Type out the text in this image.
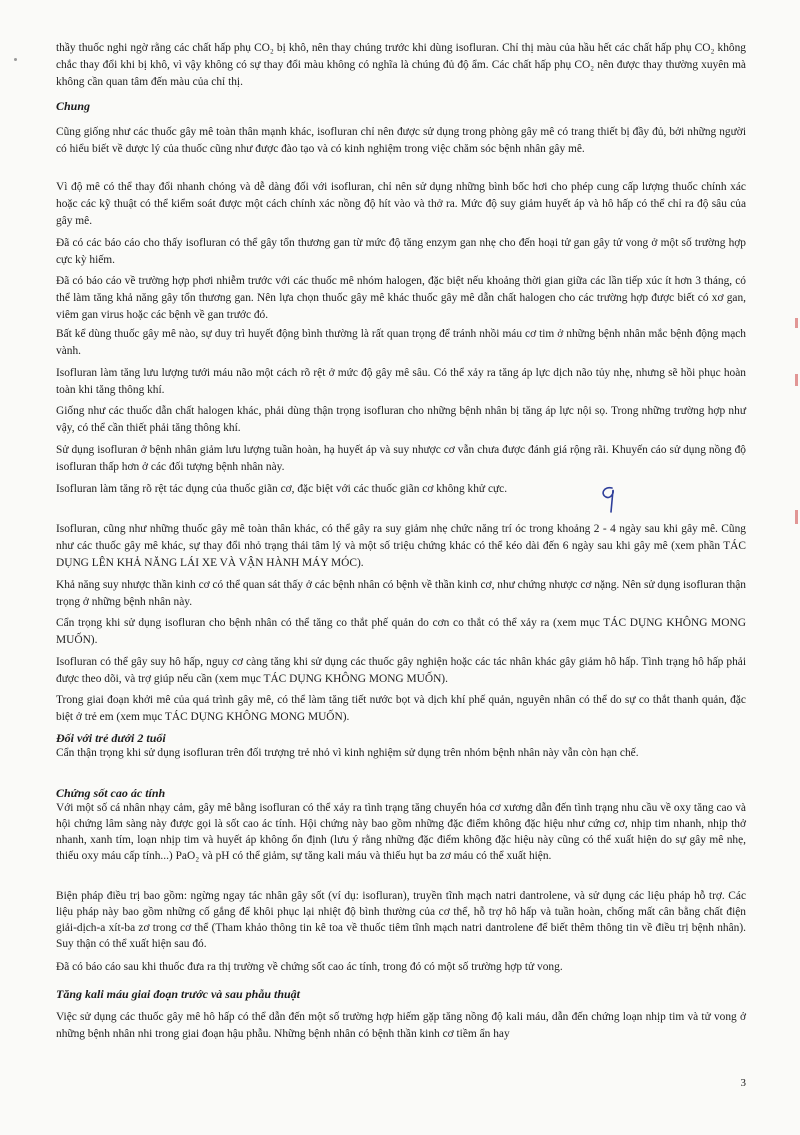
thầy thuốc nghi ngờ rằng các chất hấp phụ CO₂ bị khô, nên thay chúng trước khi dùng isofluran. Chỉ thị màu của hầu hết các chất hấp phụ CO₂ không chắc thay đổi khi bị khô, vì vậy không có sự thay đổi màu không có nghĩa là chúng đủ độ ẩm. Các chất hấp phụ CO₂ nên được thay thường xuyên mà không cần quan tâm đến màu của chỉ thị.

Chung

Cũng giống như các thuốc gây mê toàn thân mạnh khác, isofluran chỉ nên được sử dụng trong phòng gây mê có trang thiết bị đầy đủ, bởi những người có hiểu biết về dược lý của thuốc cũng như được đào tạo và có kinh nghiệm trong việc chăm sóc bệnh nhân gây mê.

Vì độ mê có thể thay đổi nhanh chóng và dễ dàng đối với isofluran, chỉ nên sử dụng những bình bốc hơi cho phép cung cấp lượng thuốc chính xác hoặc các kỹ thuật có thể kiểm soát được một cách chính xác nồng độ hít vào và thở ra. Mức độ suy giảm huyết áp và hô hấp có thể chỉ ra độ sâu của gây mê.

Đã có các báo cáo cho thấy isofluran có thể gây tổn thương gan từ mức độ tăng enzym gan nhẹ cho đến hoại tử gan gây tử vong ở một số trường hợp cực kỳ hiếm.

Đã có báo cáo về trường hợp phơi nhiễm trước với các thuốc mê nhóm halogen, đặc biệt nếu khoảng thời gian giữa các lần tiếp xúc ít hơn 3 tháng, có thể làm tăng khả năng gây tổn thương gan. Nên lựa chọn thuốc gây mê khác thuốc gây mê dẫn chất halogen cho các trường hợp được biết có xơ gan, viêm gan virus hoặc các bệnh về gan trước đó.

Bất kể dùng thuốc gây mê nào, sự duy trì huyết động bình thường là rất quan trọng để tránh nhồi máu cơ tim ở những bệnh nhân mắc bệnh động mạch vành.

Isofluran làm tăng lưu lượng tưới máu não một cách rõ rệt ở mức độ gây mê sâu. Có thể xảy ra tăng áp lực dịch não tủy nhẹ, nhưng sẽ hồi phục hoàn toàn khi tăng thông khí.

Giống như các thuốc dẫn chất halogen khác, phải dùng thận trọng isofluran cho những bệnh nhân bị tăng áp lực nội sọ. Trong những trường hợp như vậy, có thể cần thiết phải tăng thông khí.

Sử dụng isofluran ở bệnh nhân giảm lưu lượng tuần hoàn, hạ huyết áp và suy nhược cơ vẫn chưa được đánh giá rộng rãi. Khuyến cáo sử dụng nồng độ isofluran thấp hơn ở các đối tượng bệnh nhân này.

Isofluran làm tăng rõ rệt tác dụng của thuốc giãn cơ, đặc biệt với các thuốc giãn cơ không khử cực.

Isofluran, cũng như những thuốc gây mê toàn thân khác, có thể gây ra suy giảm nhẹ chức năng trí óc trong khoảng 2 - 4 ngày sau khi gây mê. Cũng như các thuốc gây mê khác, sự thay đổi nhỏ trạng thái tâm lý và một số triệu chứng khác có thể kéo dài đến 6 ngày sau khi gây mê (xem phần TÁC DỤNG LÊN KHẢ NĂNG LÁI XE VÀ VẬN HÀNH MÁY MÓC).

Khả năng suy nhược thần kinh cơ có thể quan sát thấy ở các bệnh nhân có bệnh về thần kinh cơ, như chứng nhược cơ nặng. Nên sử dụng isofluran thận trọng ở những bệnh nhân này.

Cẩn trọng khi sử dụng isofluran cho bệnh nhân có thể tăng co thắt phế quản do cơn co thắt có thể xảy ra (xem mục TÁC DỤNG KHÔNG MONG MUỐN).

Isofluran có thể gây suy hô hấp, nguy cơ càng tăng khi sử dụng các thuốc gây nghiện hoặc các tác nhân khác gây giảm hô hấp. Tình trạng hô hấp phải được theo dõi, và trợ giúp nếu cần (xem mục TÁC DỤNG KHÔNG MONG MUỐN).

Trong giai đoạn khởi mê của quá trình gây mê, có thể làm tăng tiết nước bọt và dịch khí phế quản, nguyên nhân có thể do sự co thắt thanh quản, đặc biệt ở trẻ em (xem mục TÁC DỤNG KHÔNG MONG MUỐN).

Đối với trẻ dưới 2 tuổi

Cẩn thận trọng khi sử dụng isofluran trên đối trượng trẻ nhỏ vì kinh nghiệm sử dụng trên nhóm bệnh nhân này vẫn còn hạn chế.

Chứng sốt cao ác tính

Với một số cá nhân nhạy cảm, gây mê bằng isofluran có thể xảy ra tình trạng tăng chuyển hóa cơ xương dẫn đến tình trạng nhu cầu về oxy tăng cao và hội chứng lâm sàng này được gọi là sốt cao ác tính. Hội chứng này bao gồm những đặc điểm không đặc hiệu như cứng cơ, nhịp tim nhanh, nhịp thở nhanh, xanh tím, loạn nhịp tim và huyết áp không ổn định (lưu ý rằng những đặc điểm không đặc hiệu này cũng có thể xuất hiện do sự gây mê nhẹ, thiếu oxy máu cấp tính...) PaO₂ và pH có thể giảm, sự tăng kali máu và thiếu hụt ba zơ máu có thể xuất hiện.

Biện pháp điều trị bao gồm: ngừng ngay tác nhân gây sốt (ví dụ: isofluran), truyền tĩnh mạch natri dantrolene, và sử dụng các liệu pháp hỗ trợ. Các liệu pháp này bao gồm những cố gắng để khôi phục lại nhiệt độ bình thường của cơ thể, hỗ trợ hô hấp và tuần hoàn, chống mất cân bằng chất điện giải-dịch-a xít-ba zơ trong cơ thể (Tham khảo thông tin kê toa về thuốc tiêm tĩnh mạch natri dantrolene để biết thêm thông tin về điều trị bệnh nhân). Suy thận có thể xuất hiện sau đó.

Đã có báo cáo sau khi thuốc đưa ra thị trường về chứng sốt cao ác tính, trong đó có một số trường hợp tử vong.

Tăng kali máu giai đoạn trước và sau phẫu thuật

Việc sử dụng các thuốc gây mê hô hấp có thể dẫn đến một số trường hợp hiếm gặp tăng nồng độ kali máu, dẫn đến chứng loạn nhịp tim và tử vong ở những bệnh nhân nhi trong giai đoạn hậu phẫu. Những bệnh nhân có bệnh thần kinh cơ tiềm ẩn hay

3
